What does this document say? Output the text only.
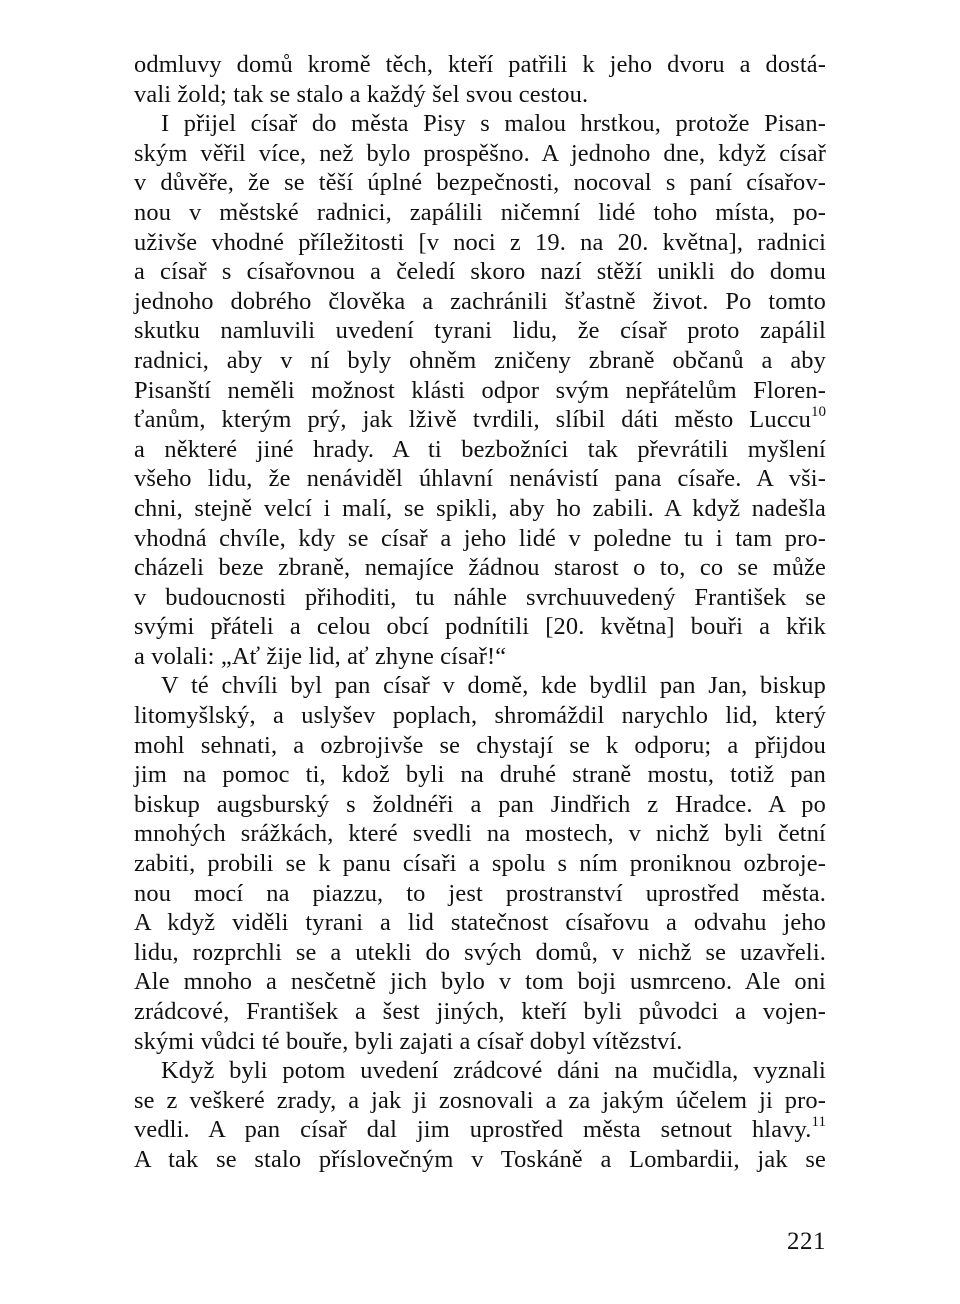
odmluvy domů kromě těch, kteří patřili k jeho dvoru a dostá-
vali žold; tak se stalo a každý šel svou cestou.
I přijel císař do města Pisy s malou hrstkou, protože Pisan-
ským věřil více, než bylo prospěšno. A jednoho dne, když císař
v důvěře, že se těší úplné bezpečnosti, nocoval s paní císařov-
nou v městské radnici, zapálili ničemní lidé toho místa, po-
uživše vhodné příležitosti [v noci z 19. na 20. května], radnici
a císař s císařovnou a čeledí skoro nazí stěží unikli do domu
jednoho dobrého člověka a zachránili šťastně život. Po tomto
skutku namluvili uvedení tyrani lidu, že císař proto zapálil
radnici, aby v ní byly ohněm zničeny zbraně občanů a aby
Pisanští neměli možnost klásti odpor svým nepřátelům Floren-
ťanům, kterým prý, jak lživě tvrdili, slíbil dáti město Luccu$^{10}$
a některé jiné hrady. A ti bezbožníci tak převrátili myšlení
všeho lidu, že nenáviděl úhlavní nenávistí pana císaře. A vši-
chni, stejně velcí i malí, se spikli, aby ho zabili. A když nadešla
vhodná chvíle, kdy se císař a jeho lidé v poledne tu i tam pro-
cházeli beze zbraně, nemajíce žádnou starost o to, co se může
v budoucnosti přihoditi, tu náhle svrchuuvedený František se
svými přáteli a celou obcí podnítili [20. května] bouři a křik
a volali: „Ať žije lid, ať zhyne císař!“
V té chvíli byl pan císař v domě, kde bydlil pan Jan, biskup
litomyšlský, a uslyšev poplach, shromáždil narychlo lid, který
mohl sehnati, a ozbrojivše se chystají se k odporu; a přijdou
jim na pomoc ti, kdož byli na druhé straně mostu, totiž pan
biskup augsburský s žoldnéři a pan Jindřich z Hradce. A po
mnohých srážkách, které svedli na mostech, v nichž byli četní
zabiti, probili se k panu císaři a spolu s ním proniknou ozbroje-
nou mocí na piazzu, to jest prostranství uprostřed města.
A když viděli tyrani a lid statečnost císařovu a odvahu jeho
lidu, rozprchli se a utekli do svých domů, v nichž se uzavřeli.
Ale mnoho a nesčetně jich bylo v tom boji usmrceno. Ale oni
zrádcové, František a šest jiných, kteří byli původci a vojen-
skými vůdci té bouře, byli zajati a císař dobyl vítězství.
Když byli potom uvedení zrádcové dáni na mučidla, vyznali
se z veškeré zrady, a jak ji zosnovali a za jakým účelem ji pro-
vedli. A pan císař dal jim uprostřed města setnout hlavy.$^{11}$
A tak se stalo příslovečným v Toskáně a Lombardii, jak se
221
